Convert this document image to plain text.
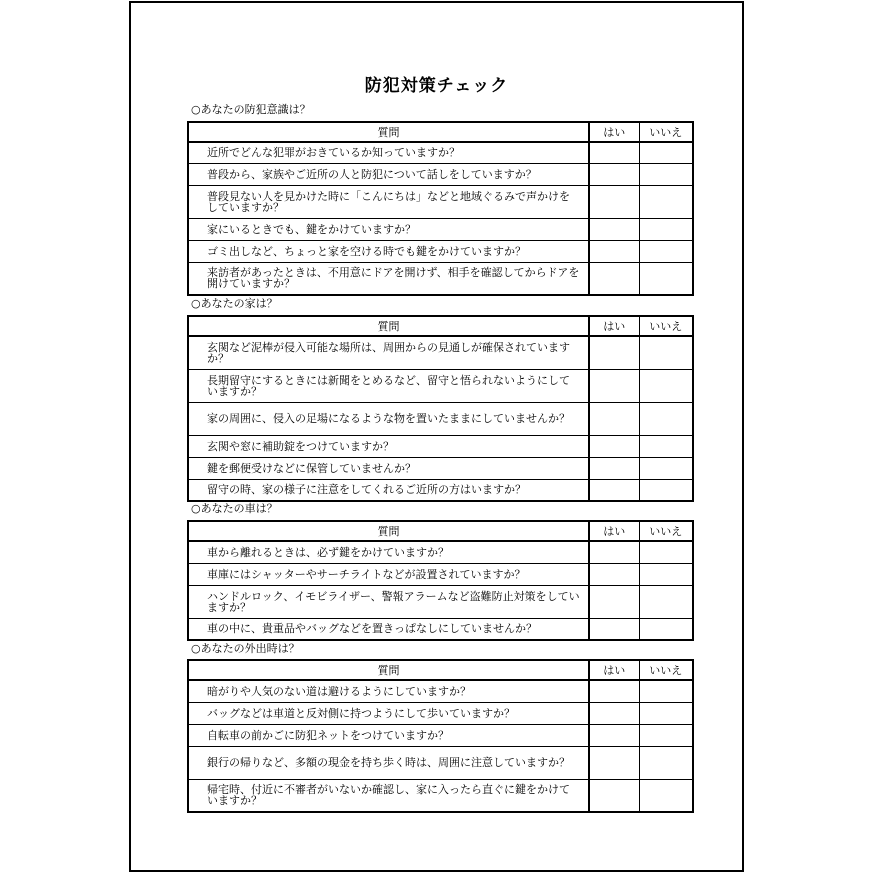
防犯対策チェック
○あなたの防犯意識は？
質問	はい	いいえ
近所でどんな犯罪がおきているか知っていますか？		
普段から、家族やご近所の人と防犯について話しをしていますか？		
普段見ない人を見かけた時に「こんにちは」などと地域ぐるみで声かけをしていますか？		
家にいるときでも、鍵をかけていますか？		
ゴミ出しなど、ちょっと家を空ける時でも鍵をかけていますか？		
来訪者があったときは、不用意にドアを開けず、相手を確認してからドアを開けていますか？		
○あなたの家は？
質問	はい	いいえ
玄関など泥棒が侵入可能な場所は、周囲からの見通しが確保されていますか？		
長期留守にするときには新聞をとめるなど、留守と悟られないようにしていますか？		
家の周囲に、侵入の足場になるような物を置いたままにしていませんか？		
玄関や窓に補助錠をつけていますか？		
鍵を郵便受けなどに保管していませんか？		
留守の時、家の様子に注意をしてくれるご近所の方はいますか？		
○あなたの車は？
質問	はい	いいえ
車から離れるときは、必ず鍵をかけていますか？		
車庫にはシャッターやサーチライトなどが設置されていますか？		
ハンドルロック、イモビライザー、警報アラームなど盗難防止対策をしていますか？		
車の中に、貴重品やバッグなどを置きっぱなしにしていませんか？		
○あなたの外出時は？
質問	はい	いいえ
暗がりや人気のない道は避けるようにしていますか？		
バッグなどは車道と反対側に持つようにして歩いていますか？		
自転車の前かごに防犯ネットをつけていますか？		
銀行の帰りなど、多額の現金を持ち歩く時は、周囲に注意していますか？		
帰宅時、付近に不審者がいないか確認し、家に入ったら直ぐに鍵をかけていますか？		
